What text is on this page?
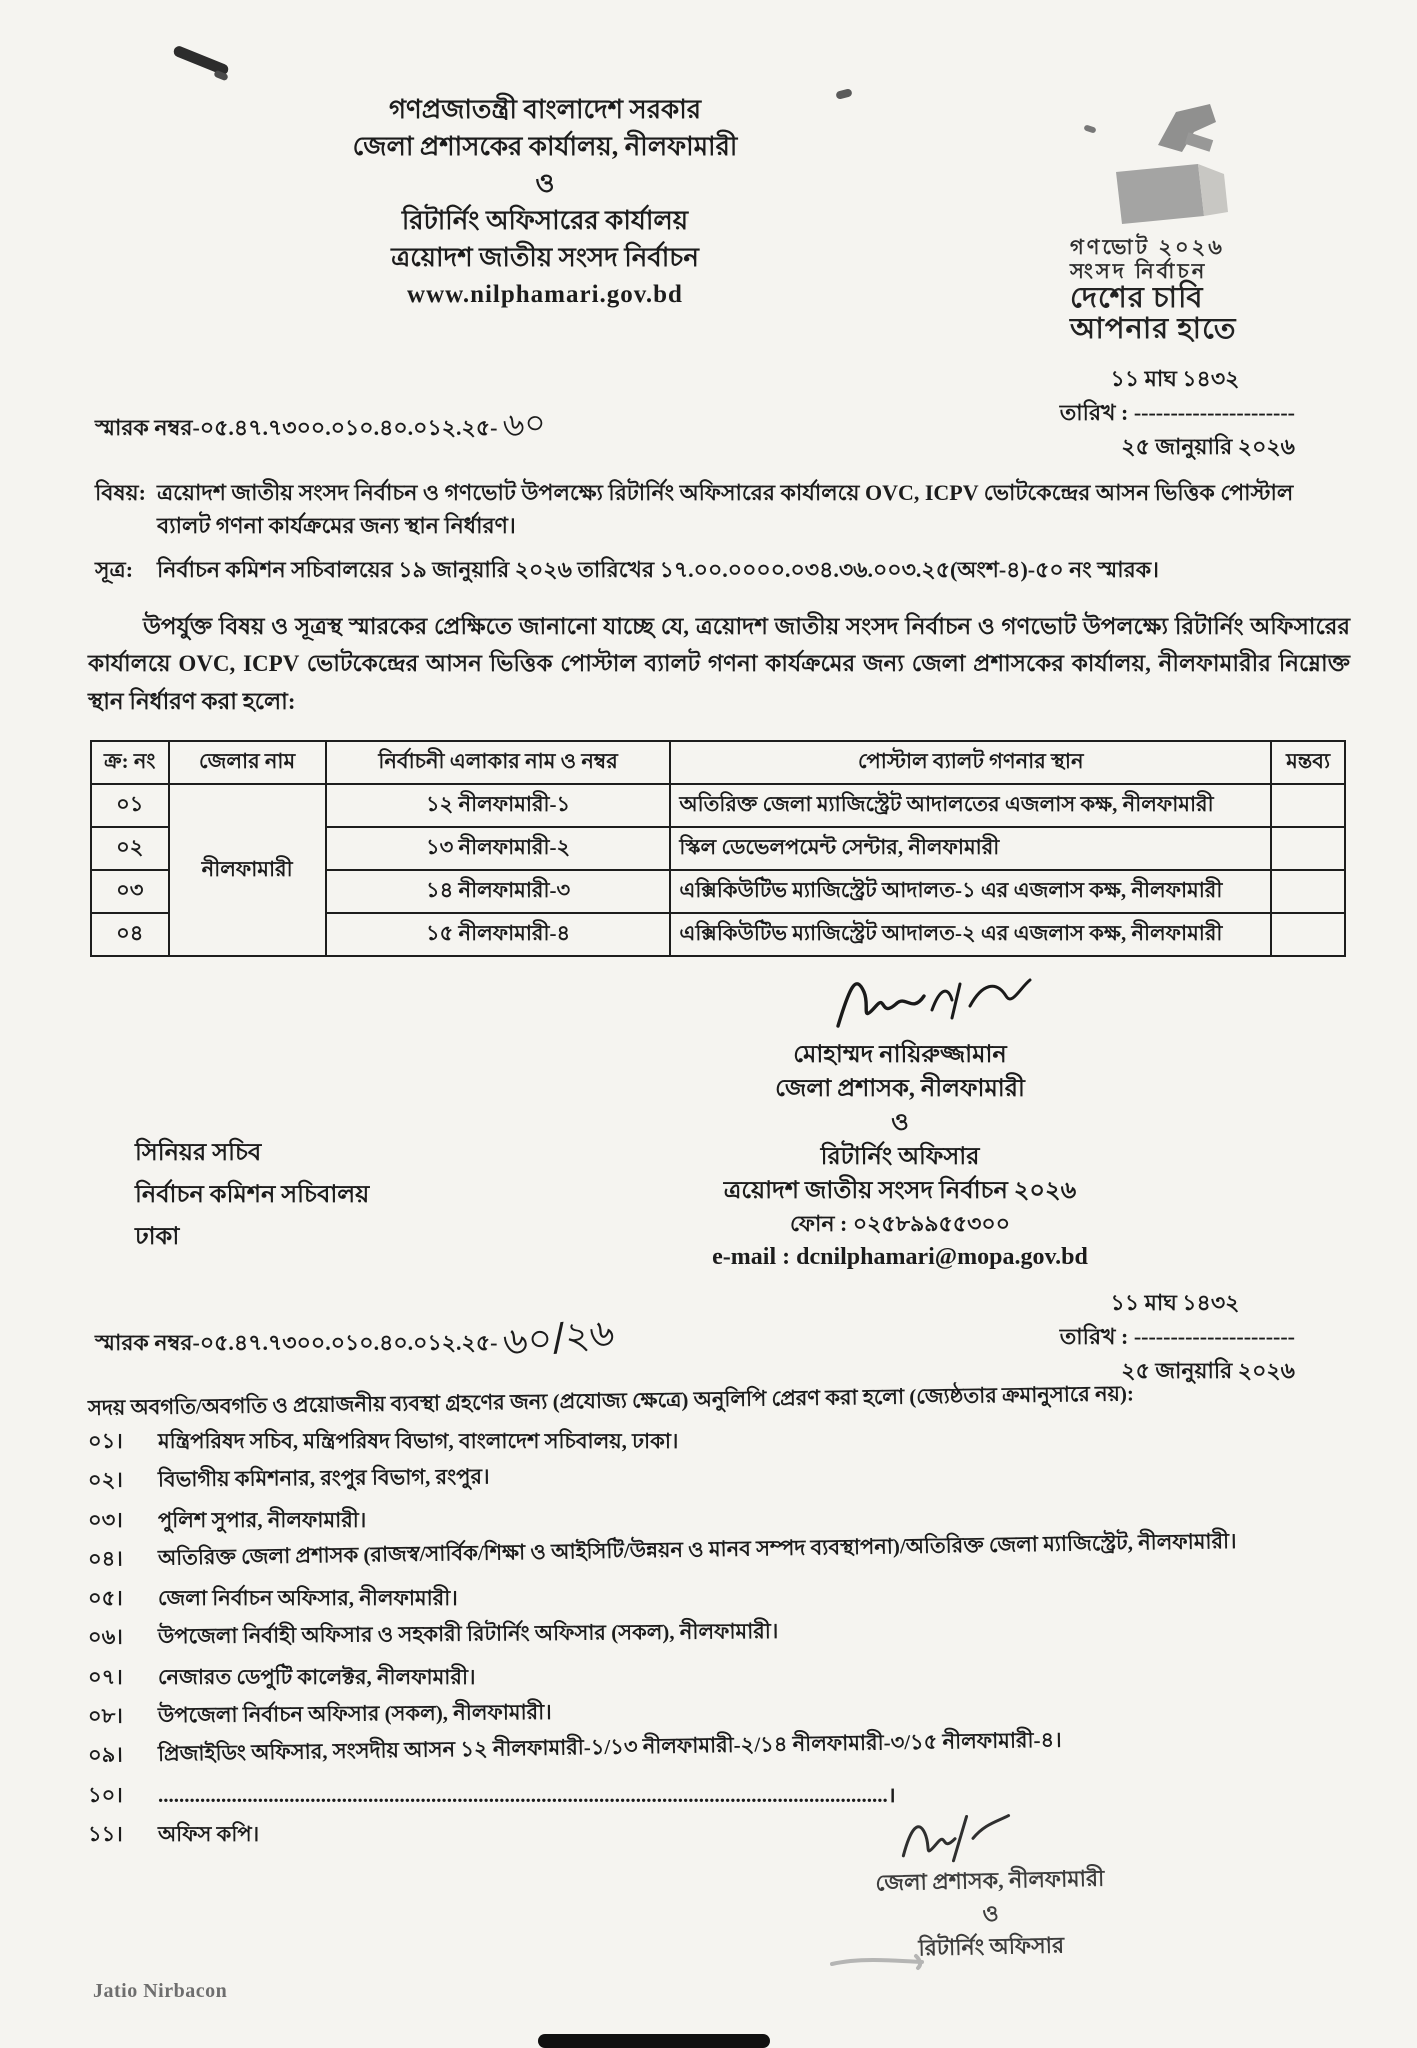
গণপ্রজাতন্ত্রী বাংলাদেশ সরকার
জেলা প্রশাসকের কার্যালয়, নীলফামারী
ও
রিটার্নিং অফিসারের কার্যালয়
ত্রয়োদশ জাতীয় সংসদ নির্বাচন
www.nilphamari.gov.bd
গণভোট ২০২৬
সংসদ নির্বাচন
দেশের চাবি
আপনার হাতে
স্মারক নম্বর-০৫.৪৭.৭৩০০.০১০.৪০.০১২.২৫- ৬০
১১ মাঘ ১৪৩২
তারিখ : ----------------------
২৫ জানুয়ারি ২০২৬
বিষয়: ত্রয়োদশ জাতীয় সংসদ নির্বাচন ও গণভোট উপলক্ষ্যে রিটার্নিং অফিসারের কার্যালয়ে OVC, ICPV ভোটকেন্দ্রের আসন ভিত্তিক পোস্টাল ব্যালট গণনা কার্যক্রমের জন্য স্থান নির্ধারণ।
সূত্র:	নির্বাচন কমিশন সচিবালয়ের ১৯ জানুয়ারি ২০২৬ তারিখের ১৭.০০.০০০০.০৩৪.৩৬.০০৩.২৫(অংশ-৪)-৫০ নং স্মারক।
উপর্যুক্ত বিষয় ও সূত্রস্থ স্মারকের প্রেক্ষিতে জানানো যাচ্ছে যে, ত্রয়োদশ জাতীয় সংসদ নির্বাচন ও গণভোট উপলক্ষ্যে রিটার্নিং অফিসারের কার্যালয়ে OVC, ICPV ভোটকেন্দ্রের আসন ভিত্তিক পোস্টাল ব্যালট গণনা কার্যক্রমের জন্য জেলা প্রশাসকের কার্যালয়, নীলফামারীর নিম্নোক্ত স্থান নির্ধারণ করা হলো:
ক্র: নং	জেলার নাম	নির্বাচনী এলাকার নাম ও নম্বর	পোস্টাল ব্যালট গণনার স্থান	মন্তব্য
০১	নীলফামারী	১২ নীলফামারী-১	অতিরিক্ত জেলা ম্যাজিস্ট্রেট আদালতের এজলাস কক্ষ, নীলফামারী	
০২		১৩ নীলফামারী-২	স্কিল ডেভেলপমেন্ট সেন্টার, নীলফামারী	
০৩		১৪ নীলফামারী-৩	এক্সিকিউটিভ ম্যাজিস্ট্রেট আদালত-১ এর এজলাস কক্ষ, নীলফামারী	
০৪		১৫ নীলফামারী-৪	এক্সিকিউটিভ ম্যাজিস্ট্রেট আদালত-২ এর এজলাস কক্ষ, নীলফামারী	
মোহাম্মদ নায়িরুজ্জামান
জেলা প্রশাসক, নীলফামারী
ও
রিটার্নিং অফিসার
ত্রয়োদশ জাতীয় সংসদ নির্বাচন ২০২৬
ফোন : ০২৫৮৯৯৫৫৩০০
e-mail : dcnilphamari@mopa.gov.bd
সিনিয়র সচিব
নির্বাচন কমিশন সচিবালয়
ঢাকা
স্মারক নম্বর-০৫.৪৭.৭৩০০.০১০.৪০.০১২.২৫- ৬০/২৬
১১ মাঘ ১৪৩২
তারিখ : ----------------------
২৫ জানুয়ারি ২০২৬
সদয় অবগতি/অবগতি ও প্রয়োজনীয় ব্যবস্থা গ্রহণের জন্য (প্রযোজ্য ক্ষেত্রে) অনুলিপি প্রেরণ করা হলো (জ্যেষ্ঠতার ক্রমানুসারে নয়):
০১।	মন্ত্রিপরিষদ সচিব, মন্ত্রিপরিষদ বিভাগ, বাংলাদেশ সচিবালয়, ঢাকা।
০২।	বিভাগীয় কমিশনার, রংপুর বিভাগ, রংপুর।
০৩।	পুলিশ সুপার, নীলফামারী।
০৪।	অতিরিক্ত জেলা প্রশাসক (রাজস্ব/সার্বিক/শিক্ষা ও আইসিটি/উন্নয়ন ও মানব সম্পদ ব্যবস্থাপনা)/অতিরিক্ত জেলা ম্যাজিস্ট্রেট, নীলফামারী।
০৫।	জেলা নির্বাচন অফিসার, নীলফামারী।
০৬।	উপজেলা নির্বাহী অফিসার ও সহকারী রিটার্নিং অফিসার (সকল), নীলফামারী।
০৭।	নেজারত ডেপুটি কালেক্টর, নীলফামারী।
০৮।	উপজেলা নির্বাচন অফিসার (সকল), নীলফামারী।
০৯।	প্রিজাইডিং অফিসার, সংসদীয় আসন ১২ নীলফামারী-১/১৩ নীলফামারী-২/১৪ নীলফামারী-৩/১৫ নীলফামারী-৪।
১০।	...........................................................................................................................................।
১১।	অফিস কপি।
জেলা প্রশাসক, নীলফামারী
ও
রিটার্নিং অফিসার
Jatio Nirbacon
